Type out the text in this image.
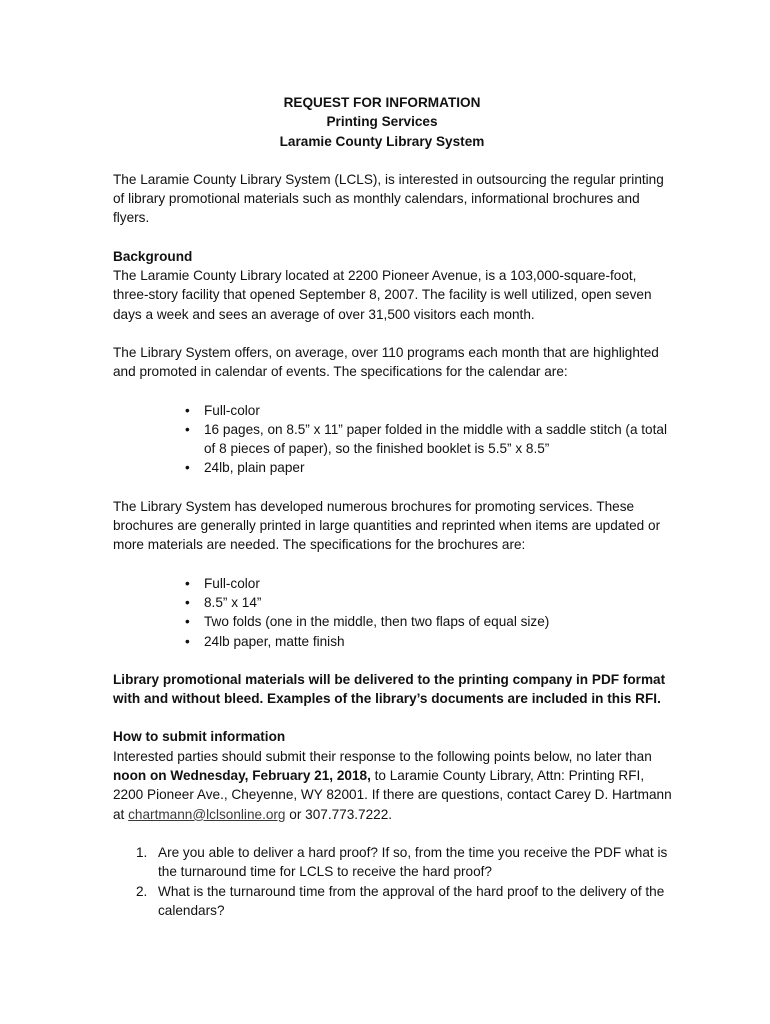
REQUEST FOR INFORMATION
Printing Services
Laramie County Library System

The Laramie County Library System (LCLS), is interested in outsourcing the regular printing of library promotional materials such as monthly calendars, informational brochures and flyers.

Background

The Laramie County Library located at 2200 Pioneer Avenue, is a 103,000-square-foot, three-story facility that opened September 8, 2007. The facility is well utilized, open seven days a week and sees an average of over 31,500 visitors each month.

The Library System offers, on average, over 110 programs each month that are highlighted and promoted in calendar of events. The specifications for the calendar are:

• Full-color
• 16 pages, on 8.5” x 11” paper folded in the middle with a saddle stitch (a total of 8 pieces of paper), so the finished booklet is 5.5” x 8.5”
• 24lb, plain paper

The Library System has developed numerous brochures for promoting services. These brochures are generally printed in large quantities and reprinted when items are updated or more materials are needed. The specifications for the brochures are:

• Full-color
• 8.5” x 14”
• Two folds (one in the middle, then two flaps of equal size)
• 24lb paper, matte finish

Library promotional materials will be delivered to the printing company in PDF format with and without bleed. Examples of the library’s documents are included in this RFI.

How to submit information

Interested parties should submit their response to the following points below, no later than noon on Wednesday, February 21, 2018, to Laramie County Library, Attn: Printing RFI, 2200 Pioneer Ave., Cheyenne, WY 82001. If there are questions, contact Carey D. Hartmann at chartmann@lclsonline.org or 307.773.7222.

1. Are you able to deliver a hard proof? If so, from the time you receive the PDF what is the turnaround time for LCLS to receive the hard proof?
2. What is the turnaround time from the approval of the hard proof to the delivery of the calendars?
